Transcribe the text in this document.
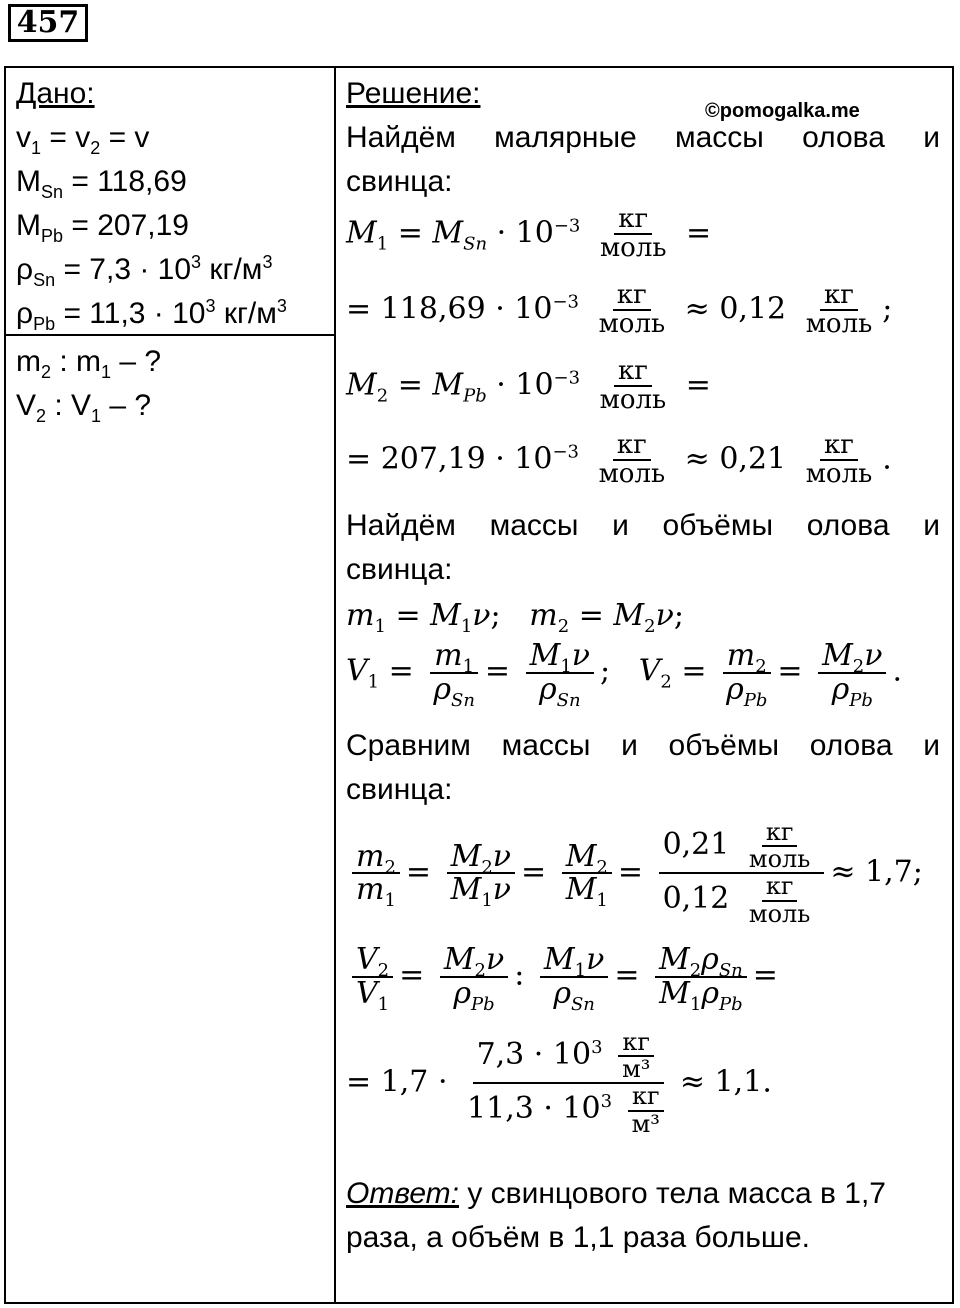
457
Дано:
$v_1 = v_2 = v$
$M_{Sn} = 118,69$
$M_{Pb} = 207,19$
$\rho_{Sn} = 7,3 \cdot 10^3$ $кг/м^3$
$\rho_{Pb} = 11,3 \cdot 10^3$ $кг/м^3$
$m_2$ : $m_1$ – ?
$V_2$ : $V_1$ – ?
©pomogalka.me
Решение:
Найдём малярные массы олова и
свинца:
$M_1 = M_{Sn} \cdot 10^{-3} \frac{кг}{\text{моль}}$ =
= $118,69 \cdot 10^{-3} \frac{кг}{\text{моль}} \approx 0,12 \frac{кг}{\text{моль}}$ ;
$M_2 = M_{Pb} \cdot 10^{-3} \frac{кг}{\text{моль}}$ =
= $207,19 \cdot 10^{-3} \frac{кг}{\text{моль}} \approx 0,21 \frac{кг}{\text{моль}}$ .
Найдём массы и объёмы олова и
свинца:
$m_1 = M_1\nu$;   $m_2 = M_2\nu$;
$V_1 = \frac{m_1}{\rho_{Sn}} = \frac{M_1\nu}{\rho_{Sn}}$ ;   $V_2 = \frac{m_2}{\rho_{Pb}} = \frac{M_2\nu}{\rho_{Pb}}$ .
Сравним массы и объёмы олова и
свинца:
$\frac{m_2}{m_1} = \frac{M_2\nu}{M_1\nu} = \frac{M_2}{M_1} = \frac{0,21 \frac{кг}{\text{моль}}}{0,12 \frac{кг}{\text{моль}}} \approx 1,7$;
$\frac{V_2}{V_1} = \frac{M_2\nu}{\rho_{Pb}}$ : $\frac{M_1\nu}{\rho_{Sn}} = \frac{M_2\rho_{Sn}}{M_1\rho_{Pb}}$ =
= $1,7 \cdot \frac{7,3 \cdot 10^3 \frac{кг}{\text{м³}}}{11,3 \cdot 10^3 \frac{кг}{\text{м³}}} \approx 1,1$.
Ответ: у свинцового тела масса в 1,7
раза, а объём в 1,1 раза больше.
